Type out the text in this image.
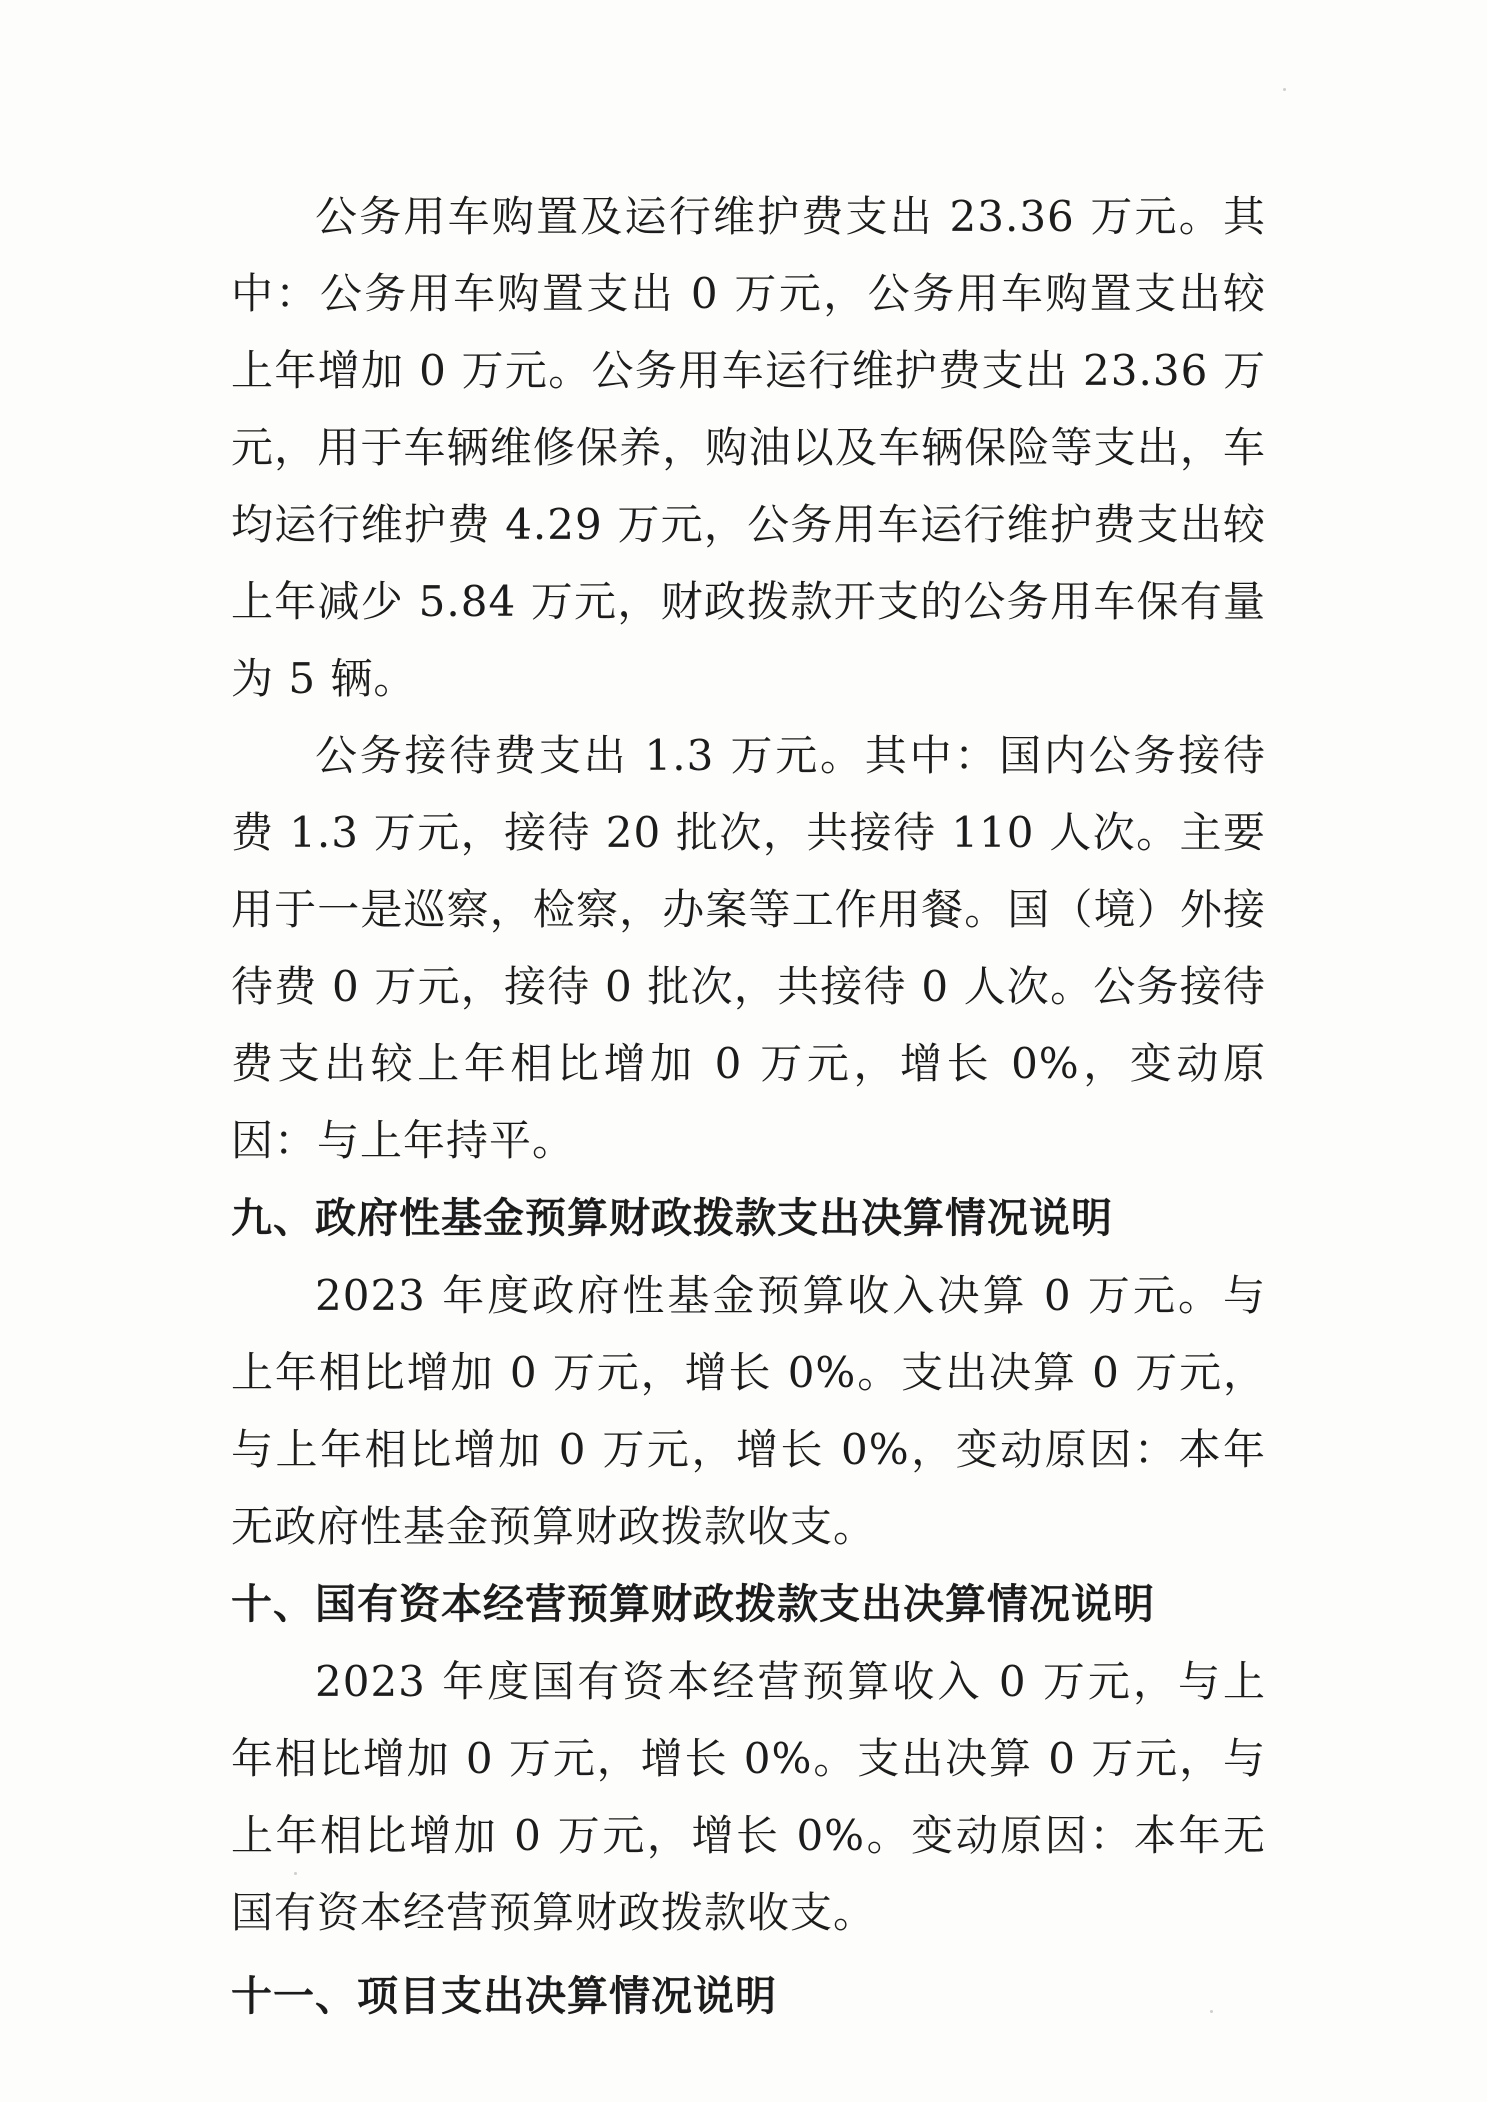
公务用车购置及运行维护费支出 23.36 万元。其中：公务用车购置支出 0 万元，公务用车购置支出较上年增加 0 万元。公务用车运行维护费支出 23.36 万元，用于车辆维修保养，购油以及车辆保险等支出，车均运行维护费 4.29 万元，公务用车运行维护费支出较上年减少 5.84 万元，财政拨款开支的公务用车保有量为 5 辆。

公务接待费支出 1.3 万元。其中：国内公务接待费 1.3 万元，接待 20 批次，共接待 110 人次。主要用于一是巡察，检察，办案等工作用餐。国（境）外接待费 0 万元，接待 0 批次，共接待 0 人次。公务接待费支出较上年相比增加 0 万元，增长 0%，变动原因：与上年持平。

九、政府性基金预算财政拨款支出决算情况说明

2023 年度政府性基金预算收入决算 0 万元。与上年相比增加 0 万元，增长 0%。支出决算 0 万元，与上年相比增加 0 万元，增长 0%，变动原因：本年无政府性基金预算财政拨款收支。

十、国有资本经营预算财政拨款支出决算情况说明

2023 年度国有资本经营预算收入 0 万元，与上年相比增加 0 万元，增长 0%。支出决算 0 万元，与上年相比增加 0 万元，增长 0%。变动原因：本年无国有资本经营预算财政拨款收支。

十一、项目支出决算情况说明
